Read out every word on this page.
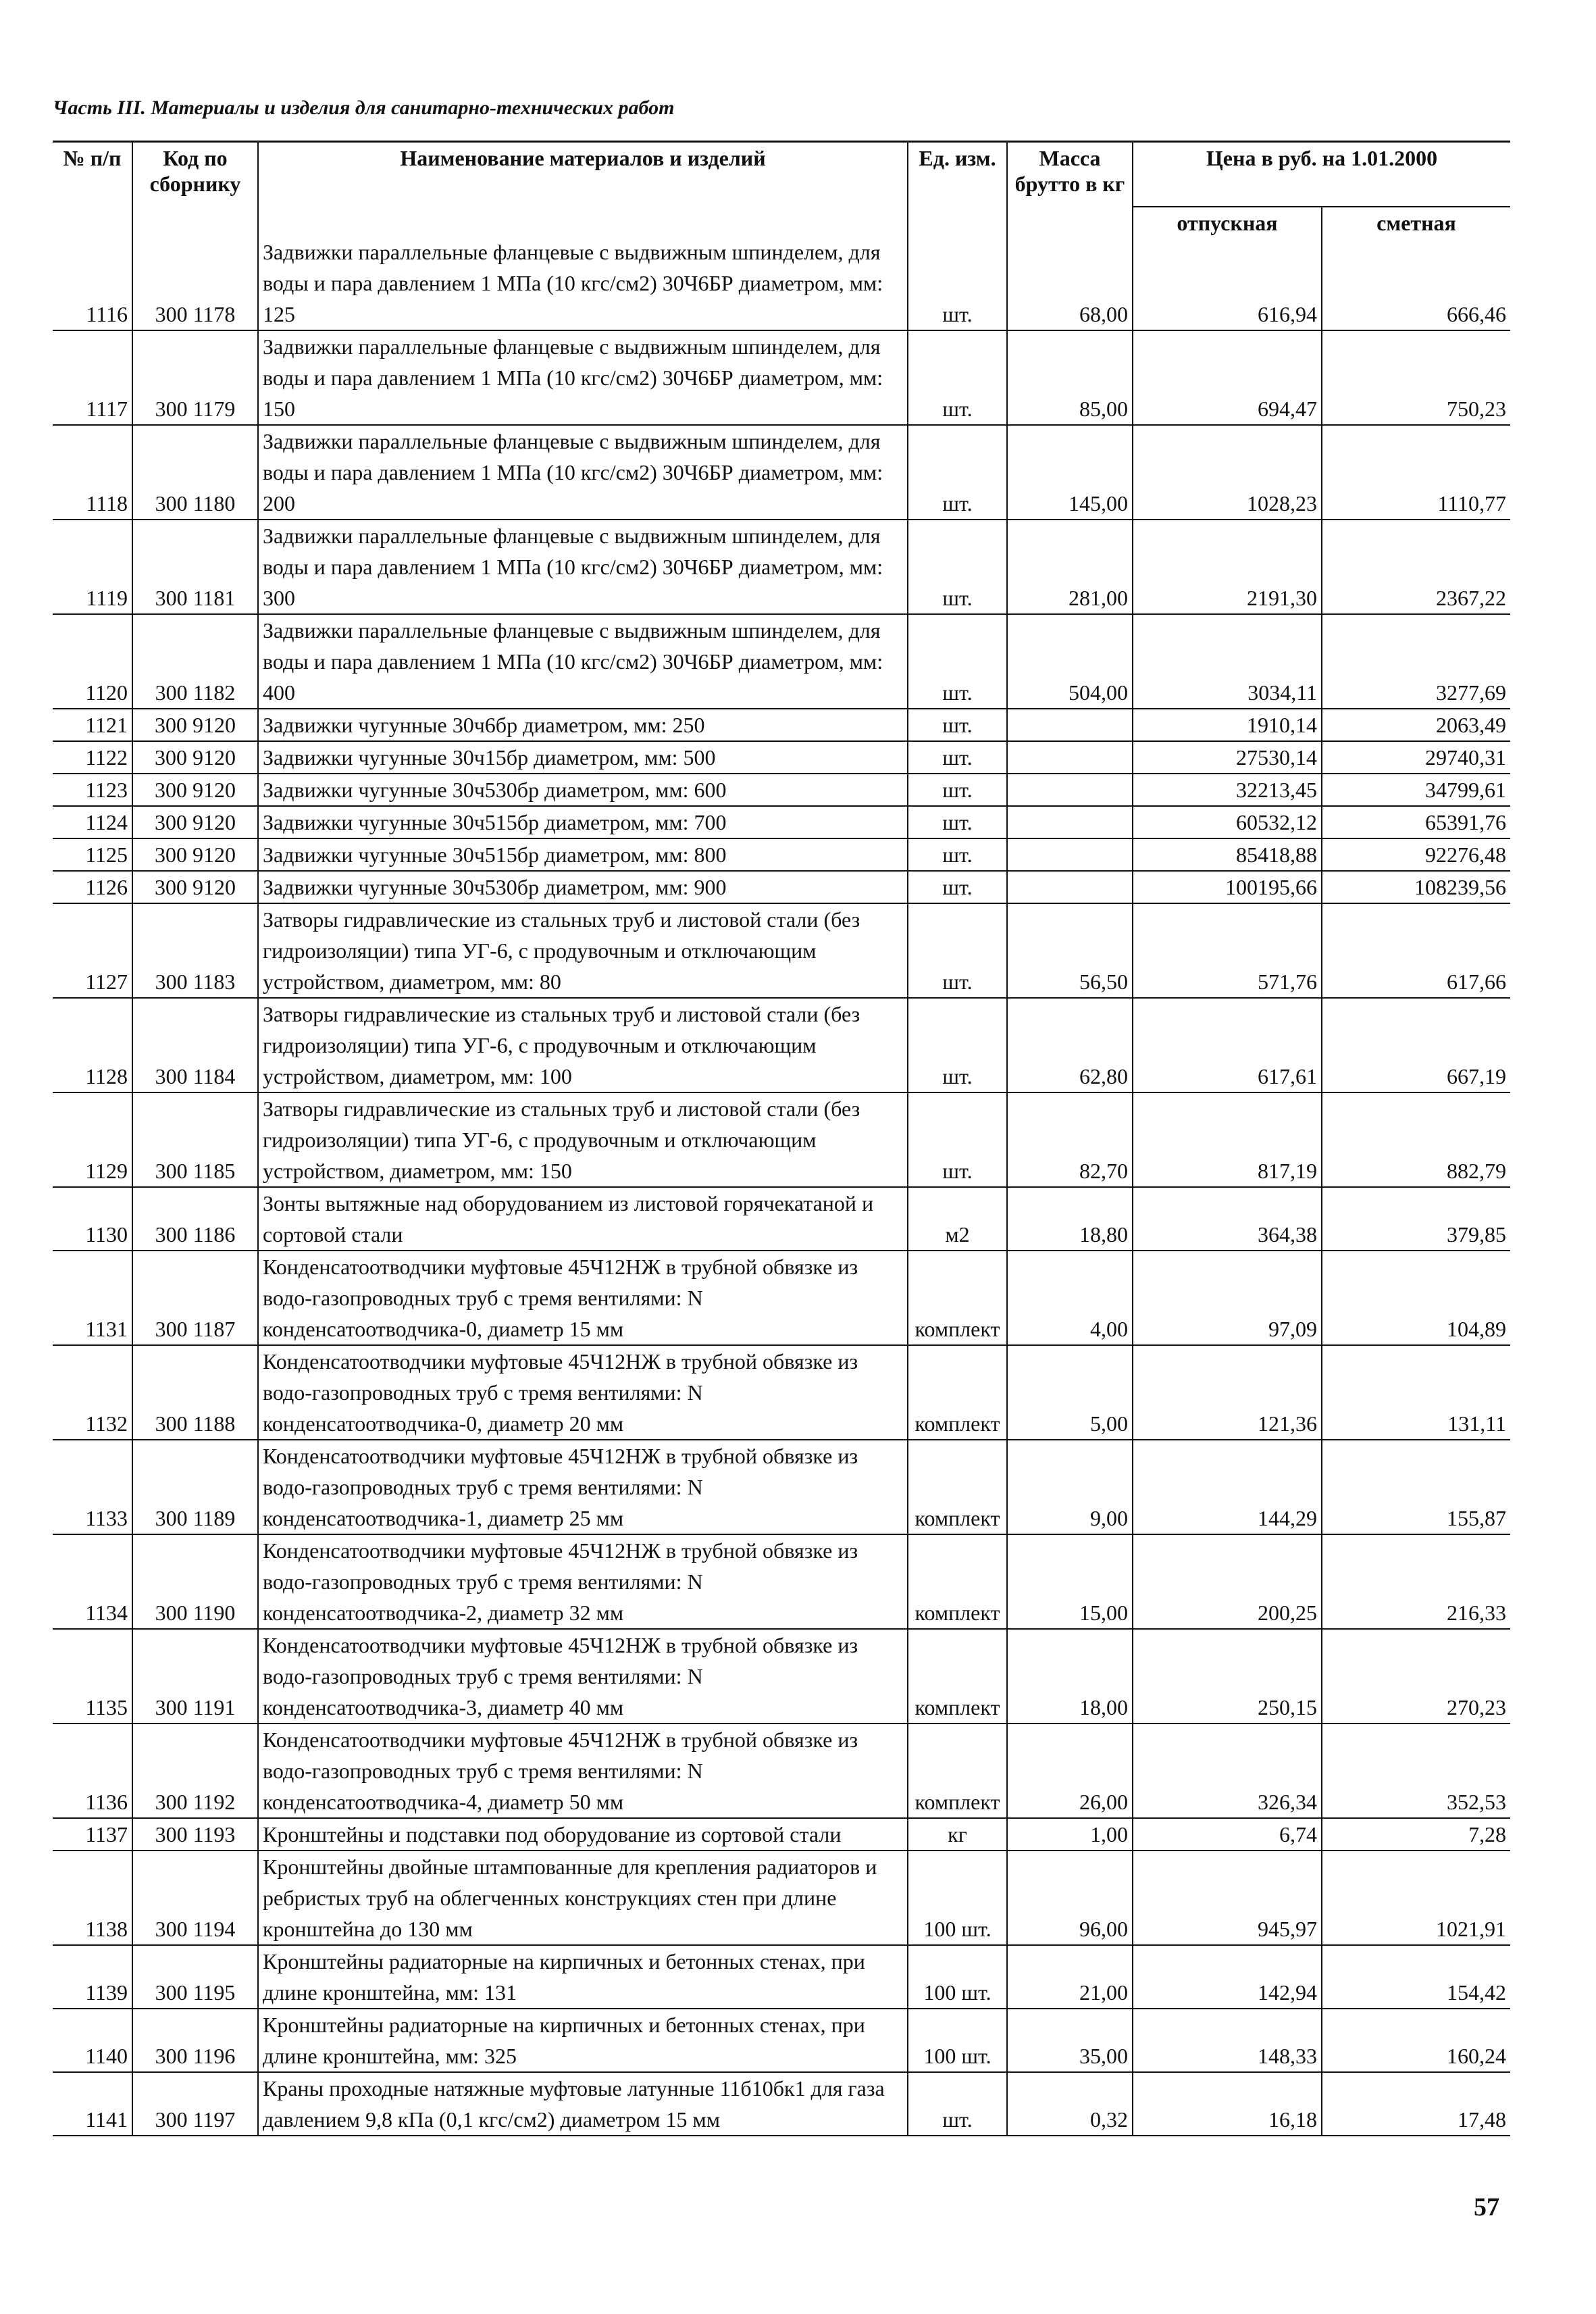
Часть III. Материалы и изделия для санитарно-технических работ
№ п/п	Код по сборнику	Наименование материалов и изделий	Ед. изм.	Масса брутто в кг	Цена в руб. на 1.01.2000	
					отпускная	сметная
1116	300 1178	Задвижки параллельные фланцевые с выдвижным шпинделем, для воды и пара давлением 1 МПа (10 кгс/см2) 30Ч6БР диаметром, мм: 125	шт.	68,00	616,94	666,46
1117	300 1179	Задвижки параллельные фланцевые с выдвижным шпинделем, для воды и пара давлением 1 МПа (10 кгс/см2) 30Ч6БР диаметром, мм: 150	шт.	85,00	694,47	750,23
1118	300 1180	Задвижки параллельные фланцевые с выдвижным шпинделем, для воды и пара давлением 1 МПа (10 кгс/см2) 30Ч6БР диаметром, мм: 200	шт.	145,00	1028,23	1110,77
1119	300 1181	Задвижки параллельные фланцевые с выдвижным шпинделем, для воды и пара давлением 1 МПа (10 кгс/см2) 30Ч6БР диаметром, мм: 300	шт.	281,00	2191,30	2367,22
1120	300 1182	Задвижки параллельные фланцевые с выдвижным шпинделем, для воды и пара давлением 1 МПа (10 кгс/см2) 30Ч6БР диаметром, мм: 400	шт.	504,00	3034,11	3277,69
1121	300 9120	Задвижки чугунные 30ч6бр диаметром, мм: 250	шт.		1910,14	2063,49
1122	300 9120	Задвижки чугунные 30ч15бр диаметром, мм: 500	шт.		27530,14	29740,31
1123	300 9120	Задвижки чугунные 30ч530бр диаметром, мм: 600	шт.		32213,45	34799,61
1124	300 9120	Задвижки чугунные 30ч515бр диаметром, мм: 700	шт.		60532,12	65391,76
1125	300 9120	Задвижки чугунные 30ч515бр диаметром, мм: 800	шт.		85418,88	92276,48
1126	300 9120	Задвижки чугунные 30ч530бр диаметром, мм: 900	шт.		100195,66	108239,56
1127	300 1183	Затворы гидравлические из стальных труб и листовой стали (без гидроизоляции) типа УГ-6, с продувочным и отключающим устройством, диаметром, мм: 80	шт.	56,50	571,76	617,66
1128	300 1184	Затворы гидравлические из стальных труб и листовой стали (без гидроизоляции) типа УГ-6, с продувочным и отключающим устройством, диаметром, мм: 100	шт.	62,80	617,61	667,19
1129	300 1185	Затворы гидравлические из стальных труб и листовой стали (без гидроизоляции) типа УГ-6, с продувочным и отключающим устройством, диаметром, мм: 150	шт.	82,70	817,19	882,79
1130	300 1186	Зонты вытяжные над оборудованием из листовой горячекатаной и сортовой стали	м2	18,80	364,38	379,85
1131	300 1187	Конденсатоотводчики муфтовые 45Ч12НЖ в трубной обвязке из водо-газопроводных труб с тремя вентилями: N конденсатоотводчика-0, диаметр 15 мм	комплект	4,00	97,09	104,89
1132	300 1188	Конденсатоотводчики муфтовые 45Ч12НЖ в трубной обвязке из водо-газопроводных труб с тремя вентилями: N конденсатоотводчика-0, диаметр 20 мм	комплект	5,00	121,36	131,11
1133	300 1189	Конденсатоотводчики муфтовые 45Ч12НЖ в трубной обвязке из водо-газопроводных труб с тремя вентилями: N конденсатоотводчика-1, диаметр 25 мм	комплект	9,00	144,29	155,87
1134	300 1190	Конденсатоотводчики муфтовые 45Ч12НЖ в трубной обвязке из водо-газопроводных труб с тремя вентилями: N конденсатоотводчика-2, диаметр 32 мм	комплект	15,00	200,25	216,33
1135	300 1191	Конденсатоотводчики муфтовые 45Ч12НЖ в трубной обвязке из водо-газопроводных труб с тремя вентилями: N конденсатоотводчика-3, диаметр 40 мм	комплект	18,00	250,15	270,23
1136	300 1192	Конденсатоотводчики муфтовые 45Ч12НЖ в трубной обвязке из водо-газопроводных труб с тремя вентилями: N конденсатоотводчика-4, диаметр 50 мм	комплект	26,00	326,34	352,53
1137	300 1193	Кронштейны и подставки под оборудование из сортовой стали	кг	1,00	6,74	7,28
1138	300 1194	Кронштейны двойные штампованные для крепления радиаторов и ребристых труб на облегченных конструкциях стен при длине кронштейна до 130 мм	100 шт.	96,00	945,97	1021,91
1139	300 1195	Кронштейны радиаторные на кирпичных и бетонных стенах, при длине кронштейна, мм: 131	100 шт.	21,00	142,94	154,42
1140	300 1196	Кронштейны радиаторные на кирпичных и бетонных стенах, при длине кронштейна, мм: 325	100 шт.	35,00	148,33	160,24
1141	300 1197	Краны проходные натяжные муфтовые латунные 11б10бк1 для газа давлением 9,8 кПа (0,1 кгс/см2) диаметром 15 мм	шт.	0,32	16,18	17,48
57
